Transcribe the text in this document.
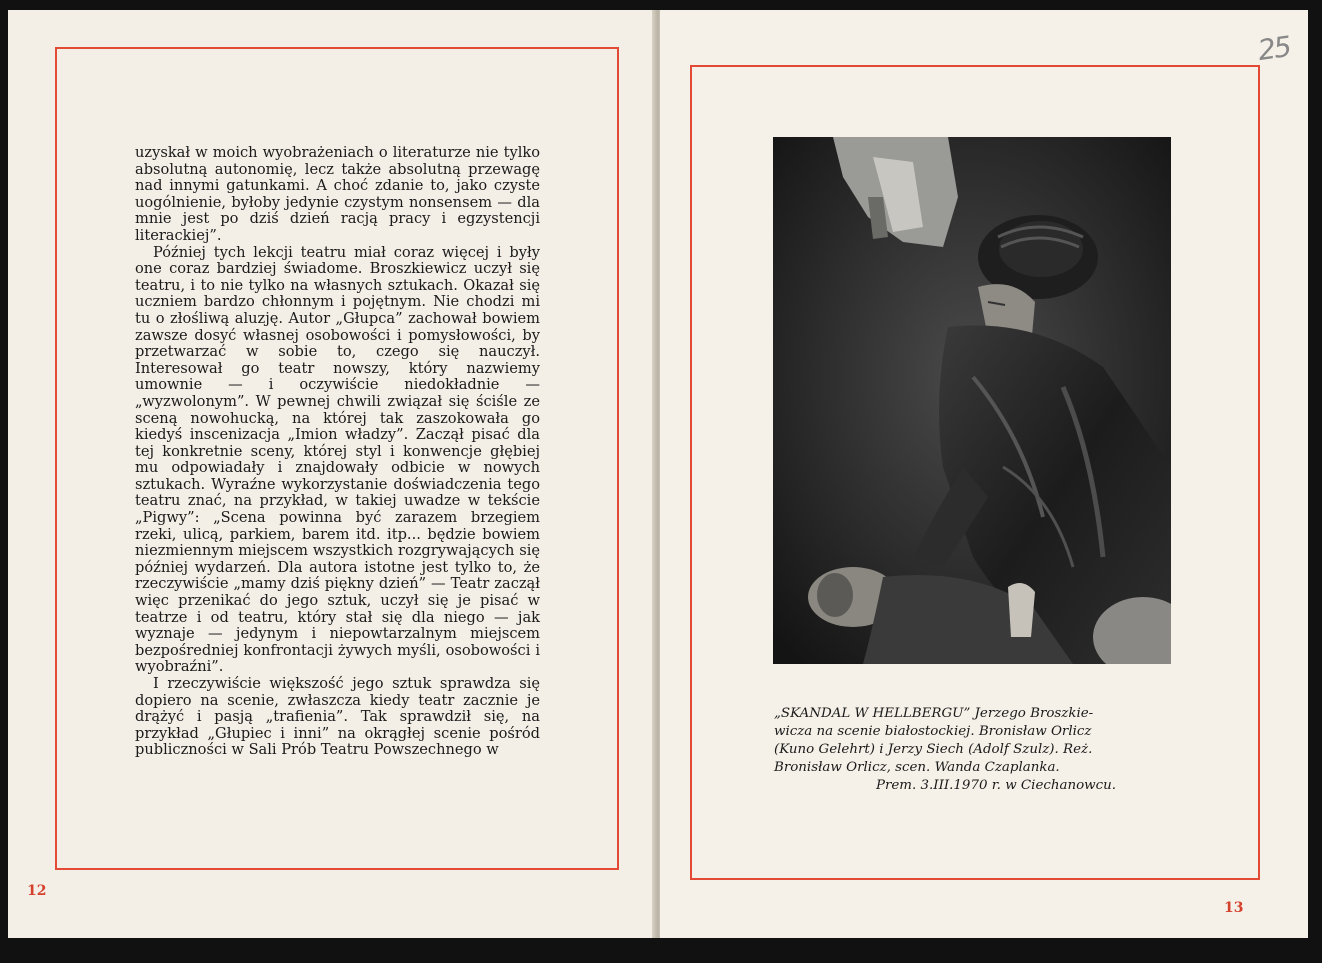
uzyskał w moich wyobrażeniach o literaturze nie tylko absolutną autonomię, lecz także absolutną przewagę nad innymi gatunkami. A choć zdanie to, jako czyste uogólnienie, byłoby jedynie czystym nonsensem — dla mnie jest po dziś dzień racją pracy i egzystencji literackiej”.

Później tych lekcji teatru miał coraz więcej i były one coraz bardziej świadome. Broszkiewicz uczył się teatru, i to nie tylko na własnych sztukach. Okazał się uczniem bardzo chłonnym i pojętnym. Nie chodzi mi tu o złośliwą aluzję. Autor „Głupca” zachował bowiem zawsze dosyć własnej osobowości i pomysłowości, by przetwarzać w sobie to, czego się nauczył. Interesował go teatr nowszy, który nazwiemy umownie — i oczywiście niedokładnie — „wyzwolonym”. W pewnej chwili związał się ściśle ze sceną nowohucką, na której tak zaszokowała go kiedyś inscenizacja „Imion władzy”. Zaczął pisać dla tej konkretnie sceny, której styl i konwencje głębiej mu odpowiadały i znajdowały odbicie w nowych sztukach. Wyraźne wykorzystanie doświadczenia tego teatru znać, na przykład, w takiej uwadze w tekście „Pigwy”: „Scena powinna być zarazem brzegiem rzeki, ulicą, parkiem, barem itd. itp... będzie bowiem niezmiennym miejscem wszystkich rozgrywających się później wydarzeń. Dla autora istotne jest tylko to, że rzeczywiście „mamy dziś piękny dzień” — Teatr zaczął więc przenikać do jego sztuk, uczył się je pisać w teatrze i od teatru, który stał się dla niego — jak wyznaje — jedynym i niepowtarzalnym miejscem bezpośredniej konfrontacji żywych myśli, osobowości i wyobraźni”.

I rzeczywiście większość jego sztuk sprawdza się dopiero na scenie, zwłaszcza kiedy teatr zacznie je drążyć i pasją „trafienia”. Tak sprawdził się, na przykład „Głupiec i inni” na okrągłej scenie pośród publiczności w Sali Prób Teatru Powszechnego w

12
25
„SKANDAL W HELLBERGU” Jerzego Broszkie-
wicza na scenie białostockiej. Bronisław Orlicz
(Kuno Gelehrt) i Jerzy Siech (Adolf Szulz). Reż.
Bronisław Orlicz, scen. Wanda Czaplanka.
Prem. 3.III.1970 r. w Ciechanowcu.
13
